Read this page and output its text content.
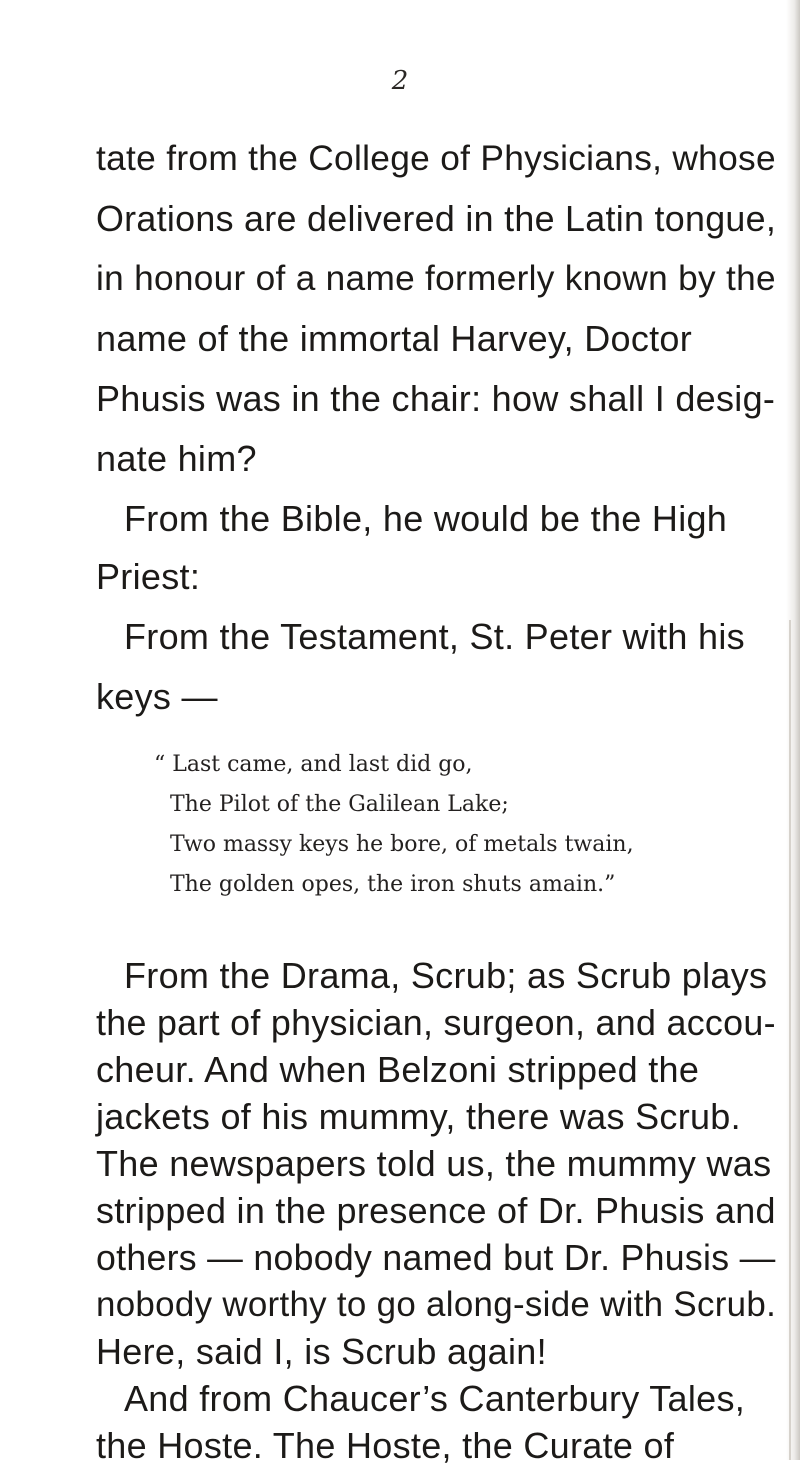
2
tate from the College of Physicians, whose
Orations are delivered in the Latin tongue,
in honour of a name formerly known by the
name of the immortal Harvey, Doctor
Phusis was in the chair: how shall I desig-
nate him?
From the Bible, he would be the High
Priest:
From the Testament, St. Peter with his
keys —
“ Last came, and last did go,
The Pilot of the Galilean Lake;
Two massy keys he bore, of metals twain,
The golden opes, the iron shuts amain.”
From the Drama, Scrub; as Scrub plays
the part of physician, surgeon, and accou-
cheur. And when Belzoni stripped the
jackets of his mummy, there was Scrub.
The newspapers told us, the mummy was
stripped in the presence of Dr. Phusis and
others — nobody named but Dr. Phusis —
nobody worthy to go along-side with Scrub.
Here, said I, is Scrub again!
And from Chaucer’s Canterbury Tales,
the Hoste. The Hoste, the Curate of
